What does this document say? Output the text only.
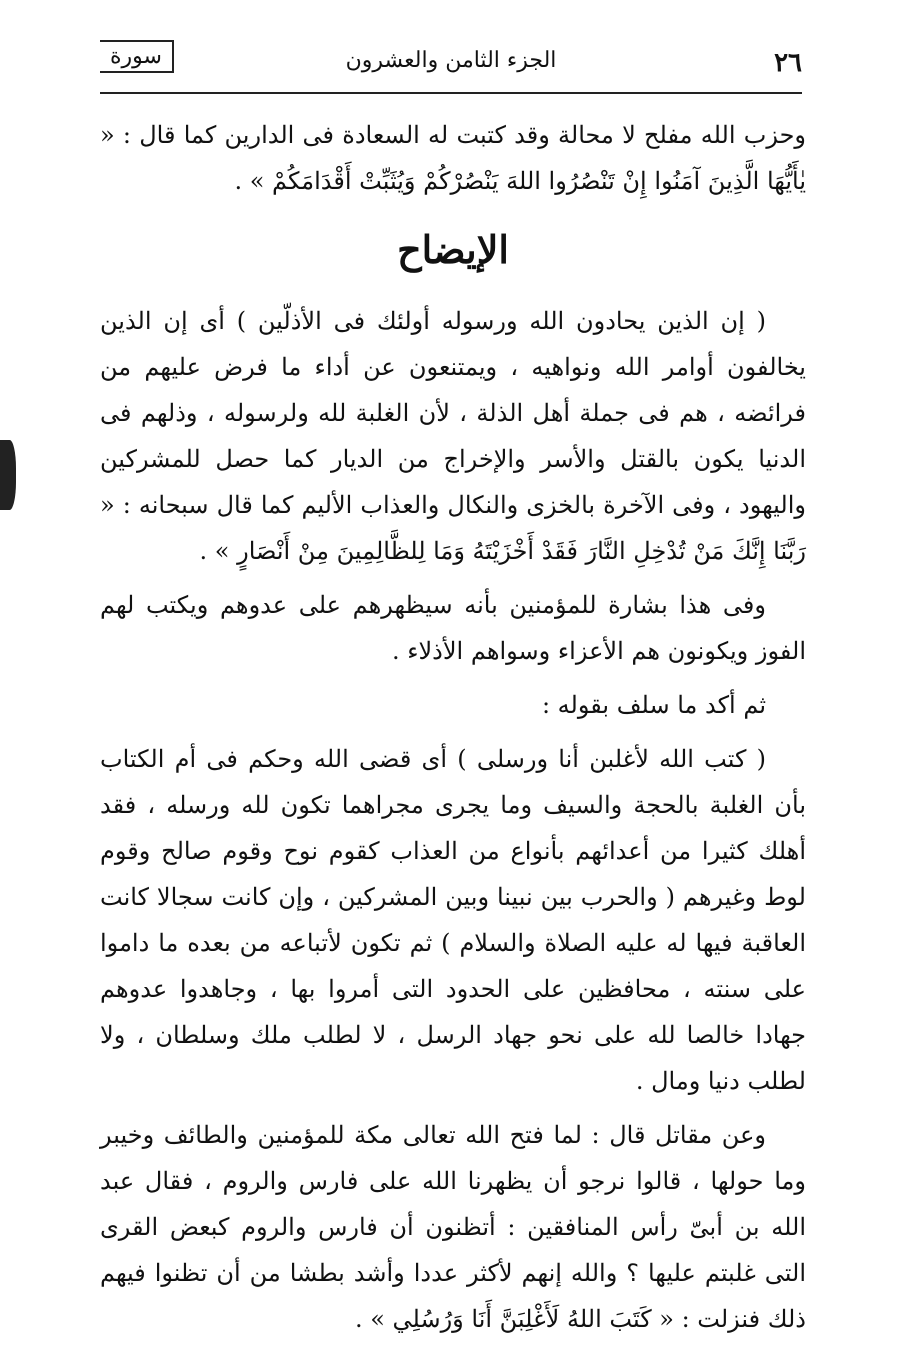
٢٦
الجزء الثامن والعشرون
سورة

وحزب الله مفلح لا محالة وقد كتبت له السعادة فى الدارين كما قال : « يٰأَيُّهَا الَّذِينَ آمَنُوا إِنْ تَنْصُرُوا اللهَ يَنْصُرْكُمْ وَيُثَبِّتْ أَقْدَامَكُمْ » .

الإيضاح

( إن الذين يحادون الله ورسوله أولئك فى الأذلّين ) أى إن الذين يخالفون أوامر الله ونواهيه ، ويمتنعون عن أداء ما فرض عليهم من فرائضه ، هم فى جملة أهل الذلة ، لأن الغلبة لله ولرسوله ، وذلهم فى الدنيا يكون بالقتل والأسر والإخراج من الديار كما حصل للمشركين واليهود ، وفى الآخرة بالخزى والنكال والعذاب الأليم كما قال سبحانه : « رَبَّنَا إِنَّكَ مَنْ تُدْخِلِ النَّارَ فَقَدْ أَخْزَيْتَهُ وَمَا لِلظَّالِمِينَ مِنْ أَنْصَارٍ » .

وفى هذا بشارة للمؤمنين بأنه سيظهرهم على عدوهم ويكتب لهم الفوز ويكونون هم الأعزاء وسواهم الأذلاء .

ثم أكد ما سلف بقوله :

( كتب الله لأغلبن أنا ورسلى ) أى قضى الله وحكم فى أم الكتاب بأن الغلبة بالحجة والسيف وما يجرى مجراهما تكون لله ورسله ، فقد أهلك كثيرا من أعدائهم بأنواع من العذاب كقوم نوح وقوم صالح وقوم لوط وغيرهم ( والحرب بين نبينا وبين المشركين ، وإن كانت سجالا كانت العاقبة فيها له عليه الصلاة والسلام ) ثم تكون لأتباعه من بعده ما داموا على سنته ، محافظين على الحدود التى أمروا بها ، وجاهدوا عدوهم جهادا خالصا لله على نحو جهاد الرسل ، لا لطلب ملك وسلطان ، ولا لطلب دنيا ومال .

وعن مقاتل قال : لما فتح الله تعالى مكة للمؤمنين والطائف وخيبر وما حولها ، قالوا نرجو أن يظهرنا الله على فارس والروم ، فقال عبد الله بن أبىّ رأس المنافقين : أتظنون أن فارس والروم كبعض القرى التى غلبتم عليها ؟ والله إنهم لأكثر عددا وأشد بطشا من أن تظنوا فيهم ذلك فنزلت : « كَتَبَ اللهُ لَأَغْلِبَنَّ أَنَا وَرُسُلِي » .
